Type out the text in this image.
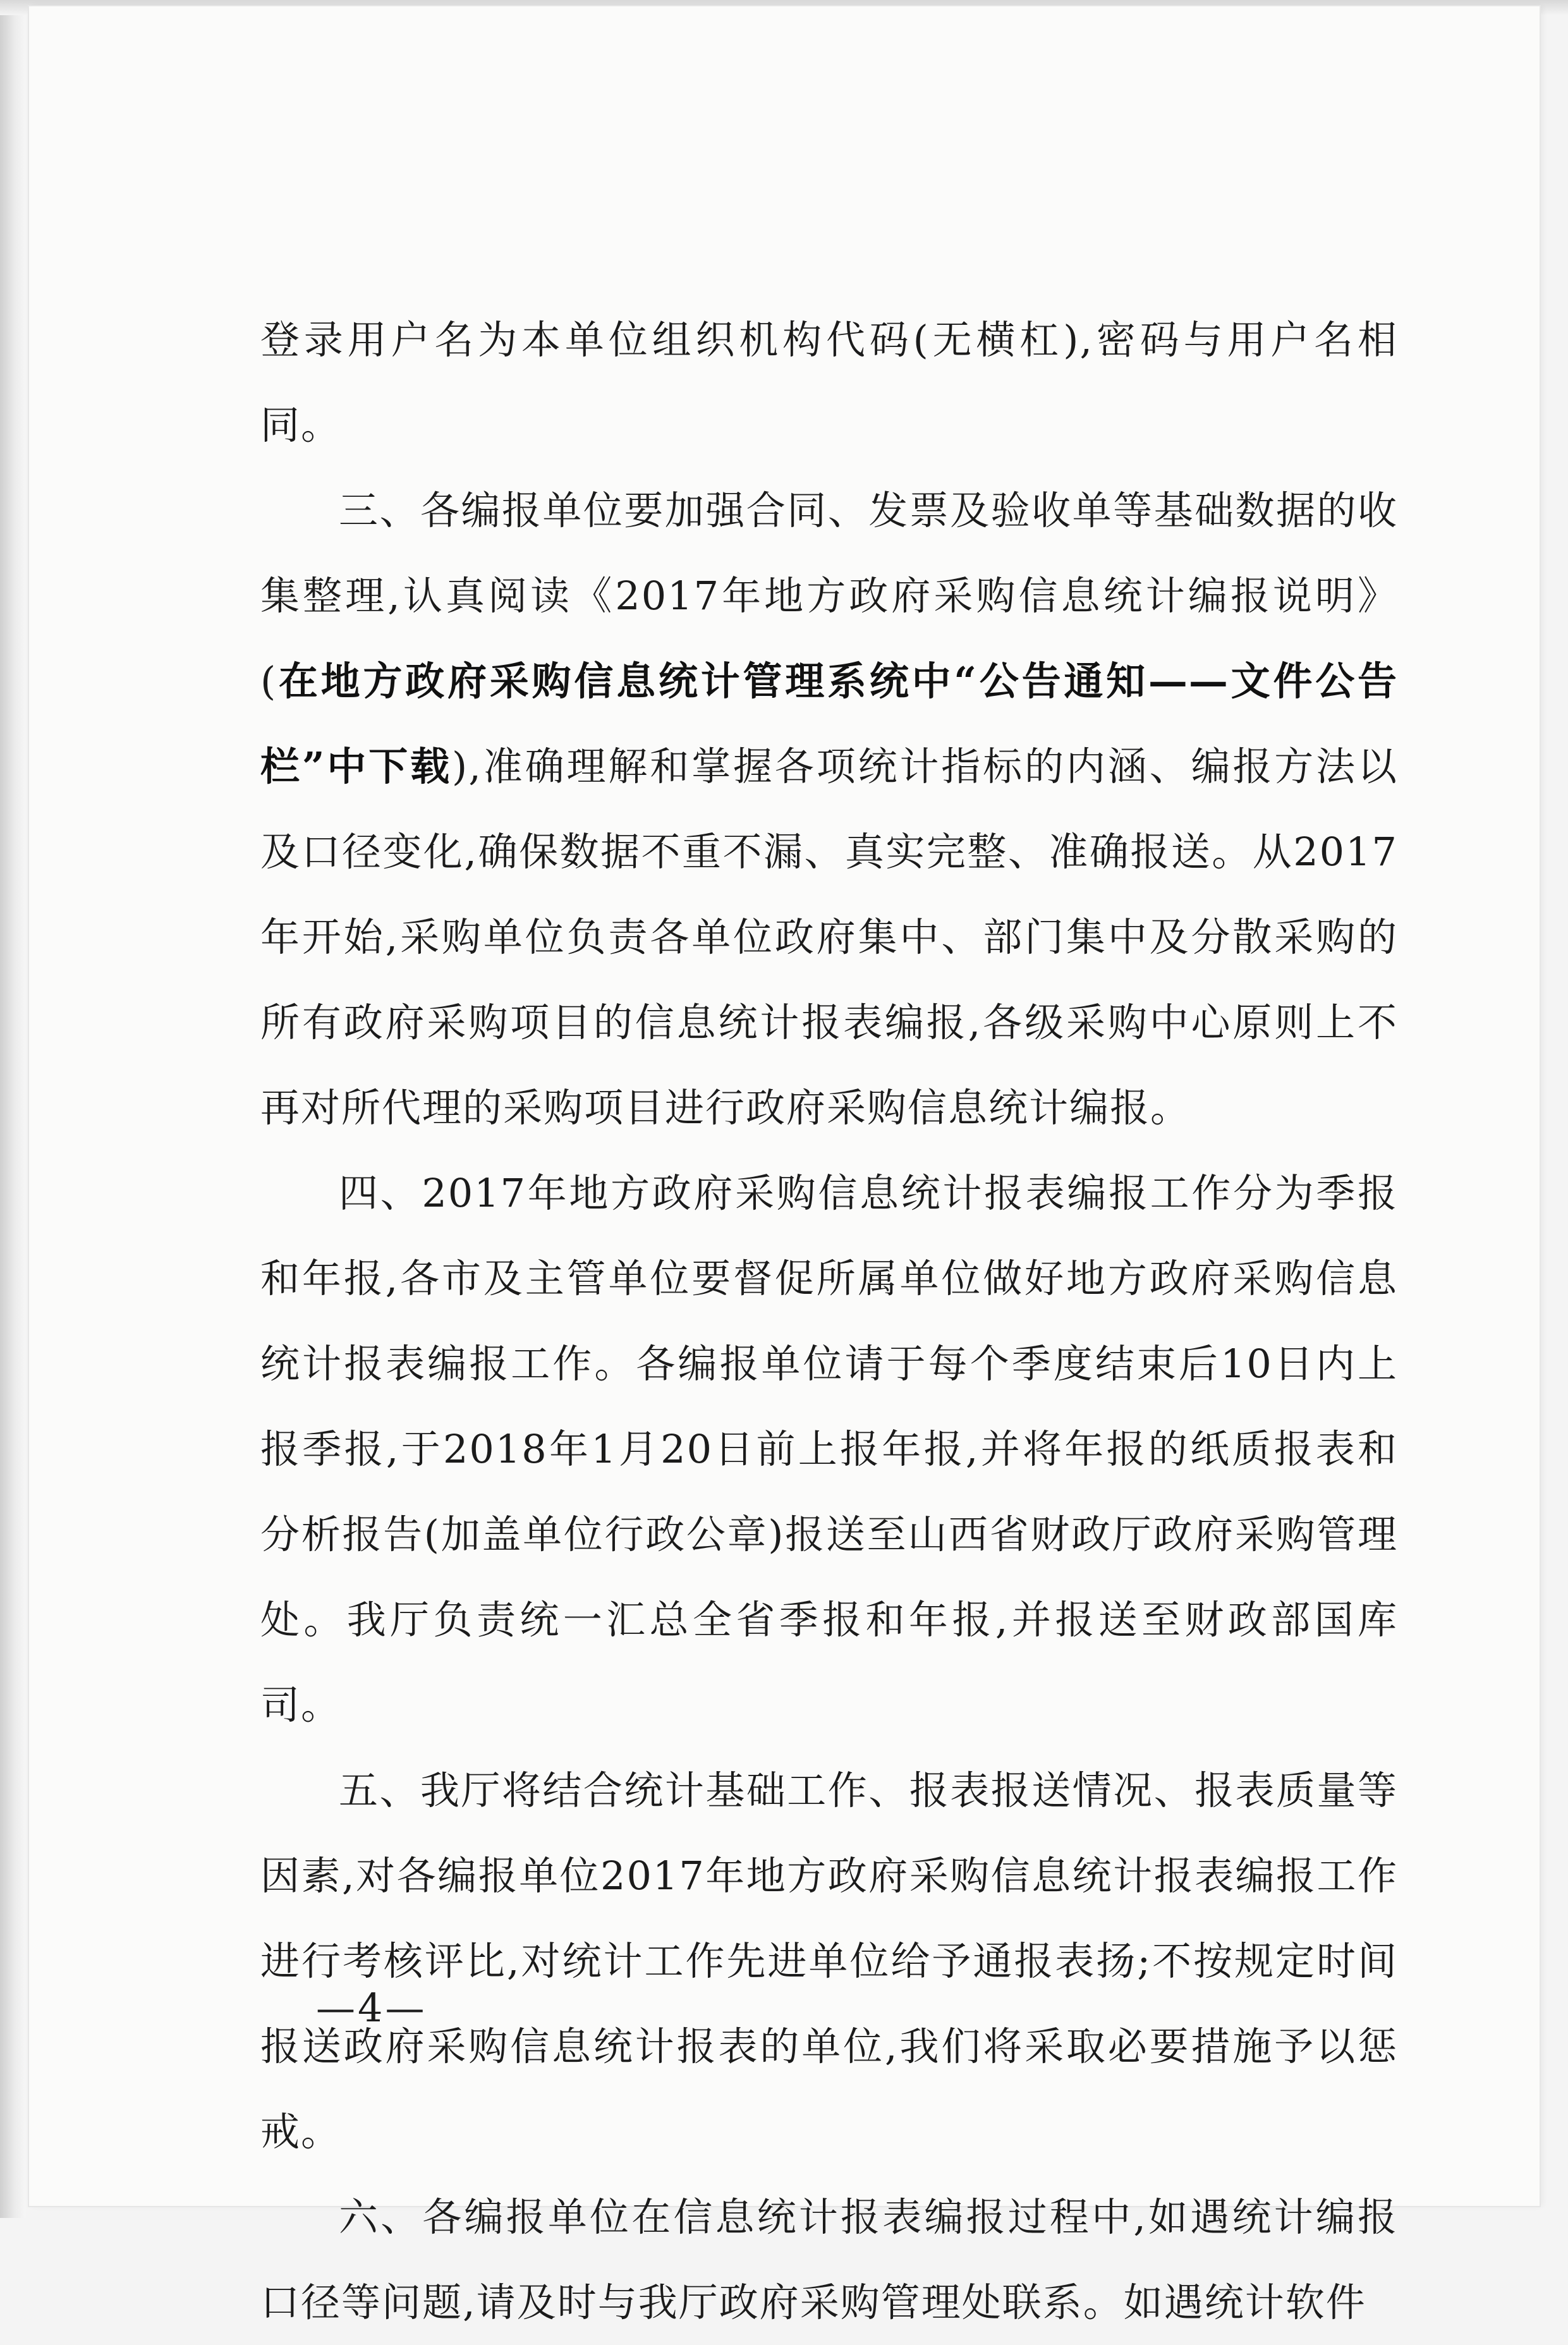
登录用户名为本单位组织机构代码(无横杠),密码与用户名相同。

三、各编报单位要加强合同、发票及验收单等基础数据的收集整理,认真阅读《2017年地方政府采购信息统计编报说明》(在地方政府采购信息统计管理系统中“公告通知——文件公告栏”中下载),准确理解和掌握各项统计指标的内涵、编报方法以及口径变化,确保数据不重不漏、真实完整、准确报送。从2017年开始,采购单位负责各单位政府集中、部门集中及分散采购的所有政府采购项目的信息统计报表编报,各级采购中心原则上不再对所代理的采购项目进行政府采购信息统计编报。

四、2017年地方政府采购信息统计报表编报工作分为季报和年报,各市及主管单位要督促所属单位做好地方政府采购信息统计报表编报工作。各编报单位请于每个季度结束后10日内上报季报,于2018年1月20日前上报年报,并将年报的纸质报表和分析报告(加盖单位行政公章)报送至山西省财政厅政府采购管理处。我厅负责统一汇总全省季报和年报,并报送至财政部国库司。

五、我厅将结合统计基础工作、报表报送情况、报表质量等因素,对各编报单位2017年地方政府采购信息统计报表编报工作进行考核评比,对统计工作先进单位给予通报表扬;不按规定时间报送政府采购信息统计报表的单位,我们将采取必要措施予以惩戒。

六、各编报单位在信息统计报表编报过程中,如遇统计编报口径等问题,请及时与我厅政府采购管理处联系。如遇统计软件

—4—
